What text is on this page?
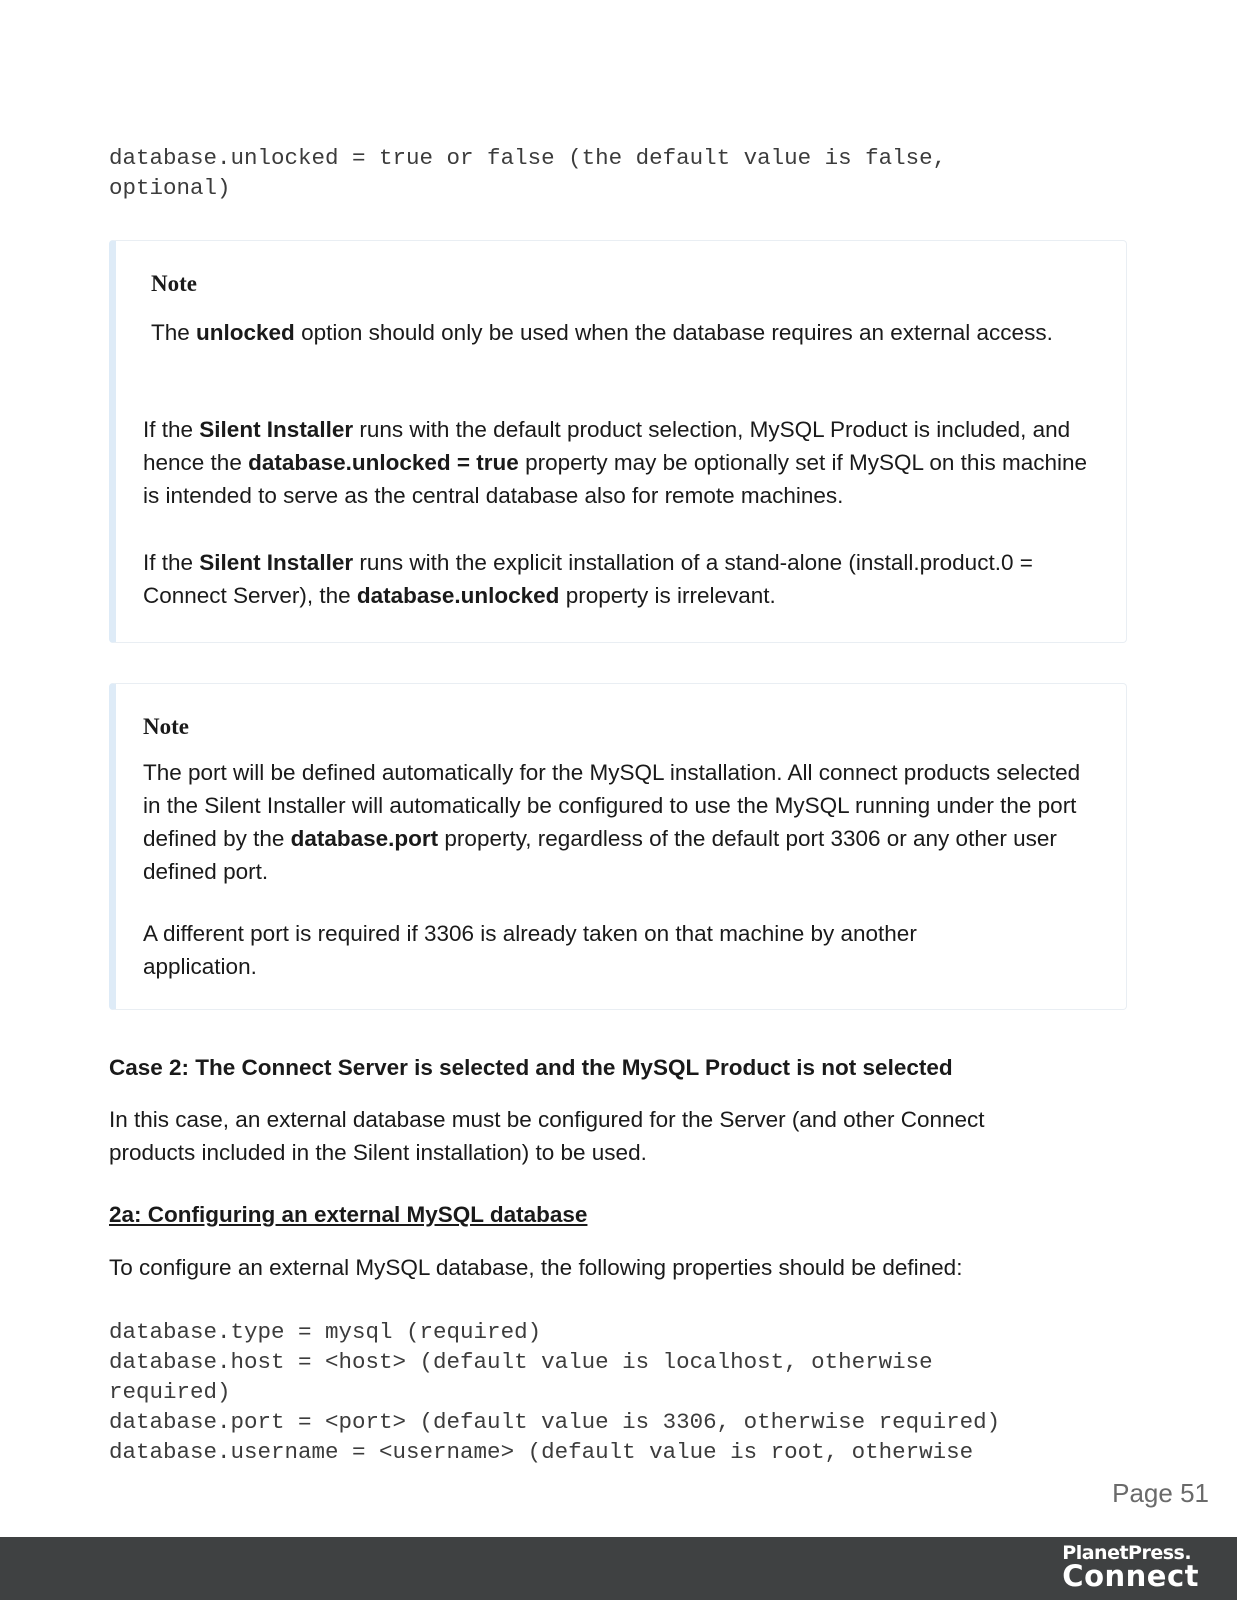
database.unlocked = true or false (the default value is false,
optional)
Note

The unlocked option should only be used when the database requires an external access.

If the Silent Installer runs with the default product selection, MySQL Product is included, and hence the database.unlocked = true property may be optionally set if MySQL on this machine is intended to serve as the central database also for remote machines.

If the Silent Installer runs with the explicit installation of a stand-alone (install.product.0 = Connect Server), the database.unlocked property is irrelevant.

Note

The port will be defined automatically for the MySQL installation. All connect products selected in the Silent Installer will automatically be configured to use the MySQL running under the port defined by the database.port property, regardless of the default port 3306 or any other user defined port.

A different port is required if 3306 is already taken on that machine by another application.

Case 2: The Connect Server is selected and the MySQL Product is not selected

In this case, an external database must be configured for the Server (and other Connect products included in the Silent installation) to be used.

2a: Configuring an external MySQL database

To configure an external MySQL database, the following properties should be defined:

database.type = mysql (required)
database.host = <host> (default value is localhost, otherwise
required)
database.port = <port> (default value is 3306, otherwise required)
database.username = <username> (default value is root, otherwise
Page 51
PlanetPress.
Connect
